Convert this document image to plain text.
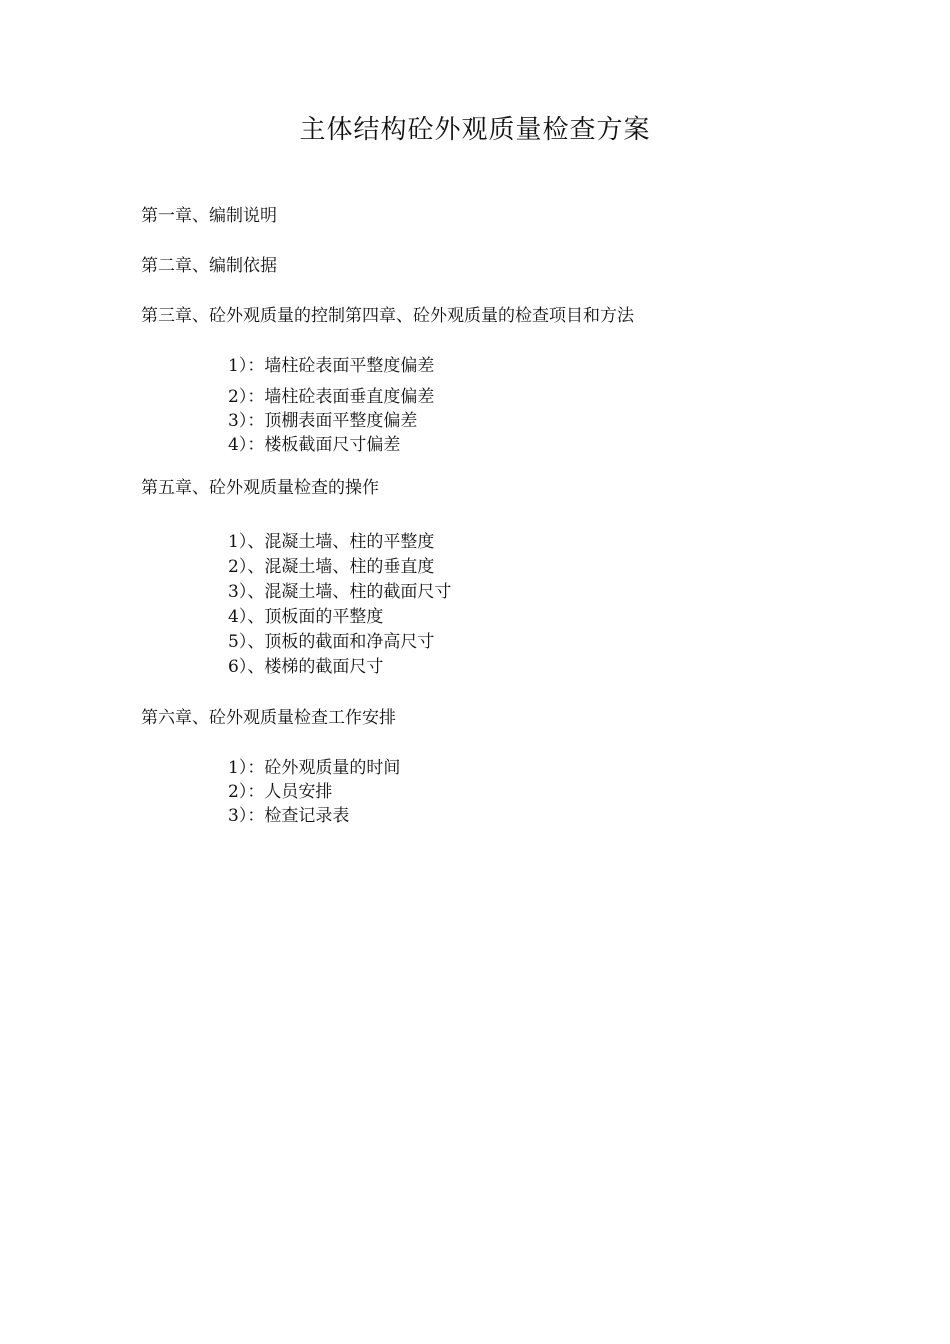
主体结构砼外观质量检查方案

第一章、编制说明

第二章、编制依据

第三章、砼外观质量的控制第四章、砼外观质量的检查项目和方法

1）：墙柱砼表面平整度偏差

2）：墙柱砼表面垂直度偏差

3）：顶棚表面平整度偏差

4）：楼板截面尺寸偏差

第五章、砼外观质量检查的操作

1）、混凝土墙、柱的平整度

2）、混凝土墙、柱的垂直度

3）、混凝土墙、柱的截面尺寸

4）、顶板面的平整度

5）、顶板的截面和净高尺寸

6）、楼梯的截面尺寸

第六章、砼外观质量检查工作安排

1）：砼外观质量的时间

2）：人员安排

3）：检查记录表
